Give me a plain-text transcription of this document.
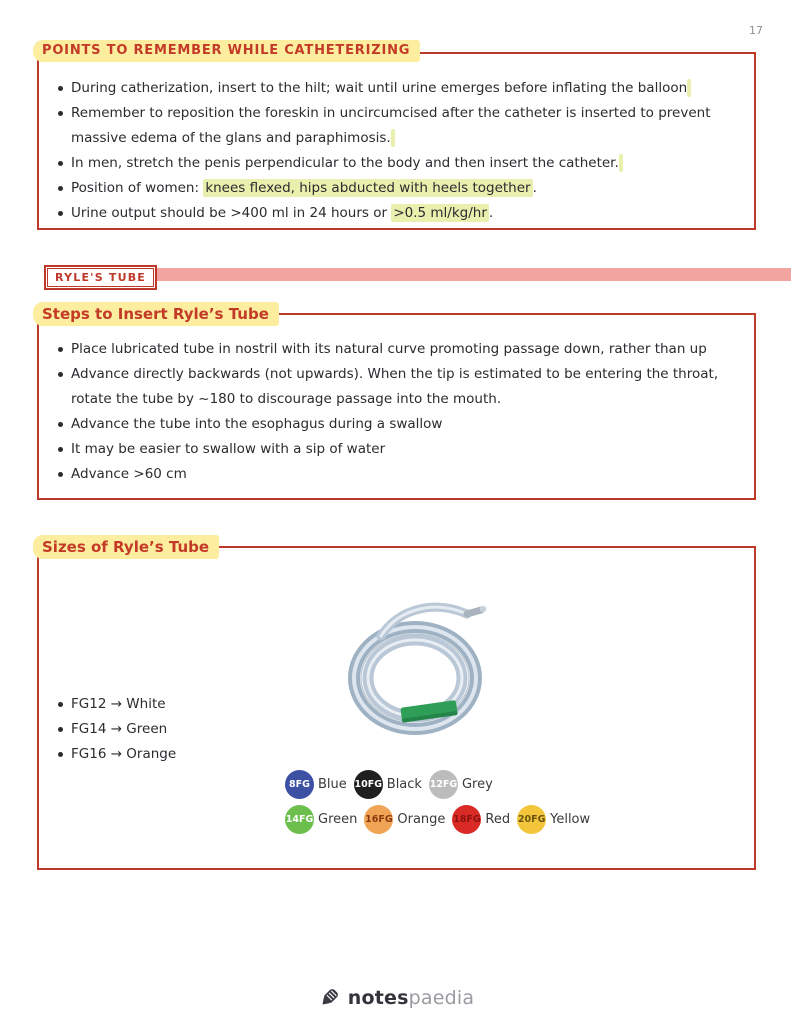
17
POINTS TO REMEMBER WHILE CATHETERIZING
During catherization, insert to the hilt; wait until urine emerges before inflating the balloon
Remember to reposition the foreskin in uncircumcised after the catheter is inserted to prevent massive edema of the glans and paraphimosis.
In men, stretch the penis perpendicular to the body and then insert the catheter.
Position of women: knees flexed, hips abducted with heels together .
Urine output should be >400 ml in 24 hours or >0.5 ml/kg/hr .
RYLE'S TUBE
Steps to Insert Ryle’s Tube
Place lubricated tube in nostril with its natural curve promoting passage down, rather than up
Advance directly backwards (not upwards). When the tip is estimated to be entering the throat, rotate the tube by ~180 to discourage passage into the mouth.
Advance the tube into the esophagus during a swallow
It may be easier to swallow with a sip of water
Advance >60 cm
Sizes of Ryle’s Tube
FG12 → White
FG14 → Green
FG16 → Orange
8FG Blue 10FG Black 12FG Grey
14FG Green 16FG Orange 18FG Red 20FG Yellow
notespaedia
